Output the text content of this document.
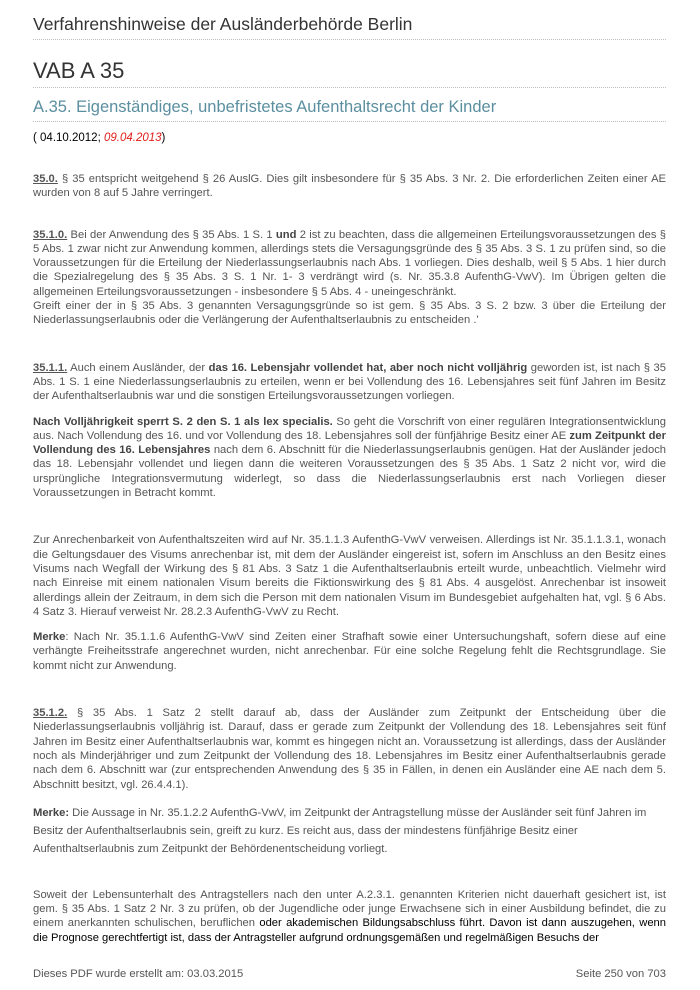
Verfahrenshinweise der Ausländerbehörde Berlin
VAB A 35
A.35. Eigenständiges, unbefristetes Aufenthaltsrecht der Kinder
( 04.10.2012; 09.04.2013)

35.0. § 35 entspricht weitgehend § 26 AuslG. Dies gilt insbesondere für § 35 Abs. 3 Nr. 2. Die erforderlichen Zeiten einer AE wurden von 8 auf 5 Jahre verringert.

35.1.0. Bei der Anwendung des § 35 Abs. 1 S. 1 und 2 ist zu beachten, dass die allgemeinen Erteilungsvoraussetzungen des § 5 Abs. 1 zwar nicht zur Anwendung kommen, allerdings stets die Versagungsgründe des § 35 Abs. 3 S. 1 zu prüfen sind, so die Voraussetzungen für die Erteilung der Niederlassungserlaubnis nach Abs. 1 vorliegen. Dies deshalb, weil § 5 Abs. 1 hier durch die Spezialregelung des § 35 Abs. 3 S. 1 Nr. 1- 3 verdrängt wird (s. Nr. 35.3.8 AufenthG-VwV). Im Übrigen gelten die allgemeinen Erteilungsvoraussetzungen - insbesondere § 5 Abs. 4 - uneingeschränkt.
Greift einer der in § 35 Abs. 3 genannten Versagungsgründe so ist gem. § 35 Abs. 3 S. 2 bzw. 3 über die Erteilung der Niederlassungserlaubnis oder die Verlängerung der Aufenthaltserlaubnis zu entscheiden .'

35.1.1. Auch einem Ausländer, der das 16. Lebensjahr vollendet hat, aber noch nicht volljährig geworden ist, ist nach § 35 Abs. 1 S. 1 eine Niederlassungserlaubnis zu erteilen, wenn er bei Vollendung des 16. Lebensjahres seit fünf Jahren im Besitz der Aufenthaltserlaubnis war und die sonstigen Erteilungsvoraussetzungen vorliegen.

Nach Volljährigkeit sperrt S. 2 den S. 1 als lex specialis. So geht die Vorschrift von einer regulären Integrationsentwicklung aus. Nach Vollendung des 16. und vor Vollendung des 18. Lebensjahres soll der fünfjährige Besitz einer AE zum Zeitpunkt der Vollendung des 16. Lebensjahres nach dem 6. Abschnitt für die Niederlassungserlaubnis genügen. Hat der Ausländer jedoch das 18. Lebensjahr vollendet und liegen dann die weiteren Voraussetzungen des § 35 Abs. 1 Satz 2 nicht vor, wird die ursprüngliche Integrationsvermutung widerlegt, so dass die Niederlassungserlaubnis erst nach Vorliegen dieser Voraussetzungen in Betracht kommt.

Zur Anrechenbarkeit von Aufenthaltszeiten wird auf Nr. 35.1.1.3 AufenthG-VwV verweisen. Allerdings ist Nr. 35.1.1.3.1, wonach die Geltungsdauer des Visums anrechenbar ist, mit dem der Ausländer eingereist ist, sofern im Anschluss an den Besitz eines Visums nach Wegfall der Wirkung des § 81 Abs. 3 Satz 1 die Aufenthaltserlaubnis erteilt wurde, unbeachtlich. Vielmehr wird nach Einreise mit einem nationalen Visum bereits die Fiktionswirkung des § 81 Abs. 4 ausgelöst. Anrechenbar ist insoweit allerdings allein der Zeitraum, in dem sich die Person mit dem nationalen Visum im Bundesgebiet aufgehalten hat, vgl. § 6 Abs. 4 Satz 3. Hierauf verweist Nr. 28.2.3 AufenthG-VwV zu Recht.

Merke: Nach Nr. 35.1.1.6 AufenthG-VwV sind Zeiten einer Strafhaft sowie einer Untersuchungshaft, sofern diese auf eine verhängte Freiheitsstrafe angerechnet wurden, nicht anrechenbar. Für eine solche Regelung fehlt die Rechtsgrundlage. Sie kommt nicht zur Anwendung.

35.1.2. § 35 Abs. 1 Satz 2 stellt darauf ab, dass der Ausländer zum Zeitpunkt der Entscheidung über die Niederlassungserlaubnis volljährig ist. Darauf, dass er gerade zum Zeitpunkt der Vollendung des 18. Lebensjahres seit fünf Jahren im Besitz einer Aufenthaltserlaubnis war, kommt es hingegen nicht an. Voraussetzung ist allerdings, dass der Ausländer noch als Minderjähriger und zum Zeitpunkt der Vollendung des 18. Lebensjahres im Besitz einer Aufenthaltserlaubnis gerade nach dem 6. Abschnitt war (zur entsprechenden Anwendung des § 35 in Fällen, in denen ein Ausländer eine AE nach dem 5. Abschnitt besitzt, vgl. 26.4.4.1).

Merke: Die Aussage in Nr. 35.1.2.2 AufenthG-VwV, im Zeitpunkt der Antragstellung müsse der Ausländer seit fünf Jahren im Besitz der Aufenthaltserlaubnis sein, greift zu kurz. Es reicht aus, dass der mindestens fünfjährige Besitz einer Aufenthaltserlaubnis zum Zeitpunkt der Behördenentscheidung vorliegt.

Soweit der Lebensunterhalt des Antragstellers nach den unter A.2.3.1. genannten Kriterien nicht dauerhaft gesichert ist, ist gem. § 35 Abs. 1 Satz 2 Nr. 3 zu prüfen, ob der Jugendliche oder junge Erwachsene sich in einer Ausbildung befindet, die zu einem anerkannten schulischen, beruflichen oder akademischen Bildungsabschluss führt. Davon ist dann auszugehen, wenn die Prognose gerechtfertigt ist, dass der Antragsteller aufgrund ordnungsgemäßen und regelmäßigen Besuchs der

Dieses PDF wurde erstellt am: 03.03.2015	Seite 250 von 703
